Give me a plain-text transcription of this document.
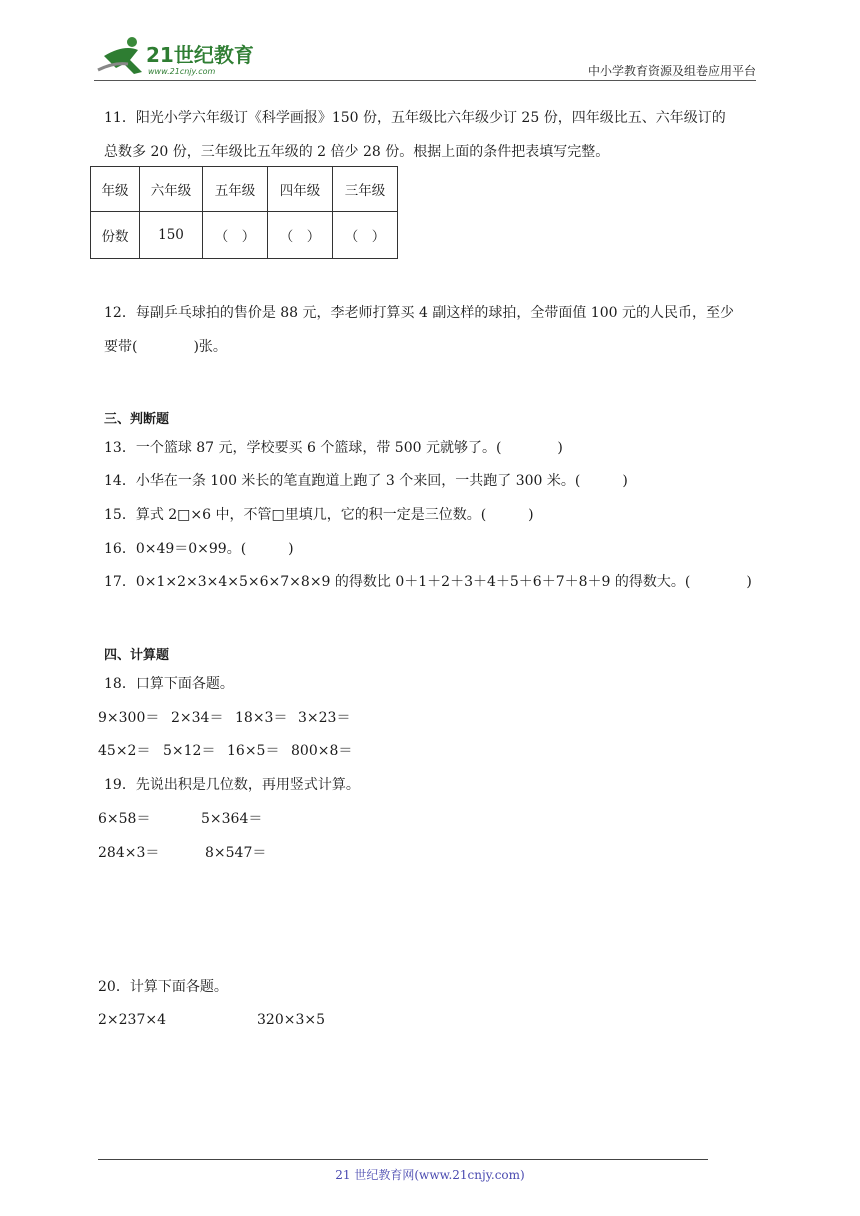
21世纪教育
www.21cnjy.com	中小学教育资源及组卷应用平台
11．阳光小学六年级订《科学画报》150 份，五年级比六年级少订 25 份，四年级比五、六年级订的
总数多 20 份，三年级比五年级的 2 倍少 28 份。根据上面的条件把表填写完整。
年级	六年级	五年级	四年级	三年级
份数	150	（　）	（　）	（　）
12．每副乒乓球拍的售价是 88 元，李老师打算买 4 副这样的球拍，全带面值 100 元的人民币，至少
要带(　　　　)张。
三、判断题
13．一个篮球 87 元，学校要买 6 个篮球，带 500 元就够了。(　　　　)
14．小华在一条 100 米长的笔直跑道上跑了 3 个来回，一共跑了 300 米。(　　　)
15．算式 2□×6 中，不管□里填几，它的积一定是三位数。(　　　)
16．0×49＝0×99。(　　　)
17．0×1×2×3×4×5×6×7×8×9 的得数比 0＋1＋2＋3＋4＋5＋6＋7＋8＋9 的得数大。(　　　　)
四、计算题
18．口算下面各题。
9×300＝ 2×34＝ 18×3＝ 3×23＝
45×2＝ 5×12＝ 16×5＝ 800×8＝
19．先说出积是几位数，再用竖式计算。
6×58＝	5×364＝
284×3＝	8×547＝
20．计算下面各题。
2×237×4	320×3×5
21 世纪教育网(www.21cnjy.com)
